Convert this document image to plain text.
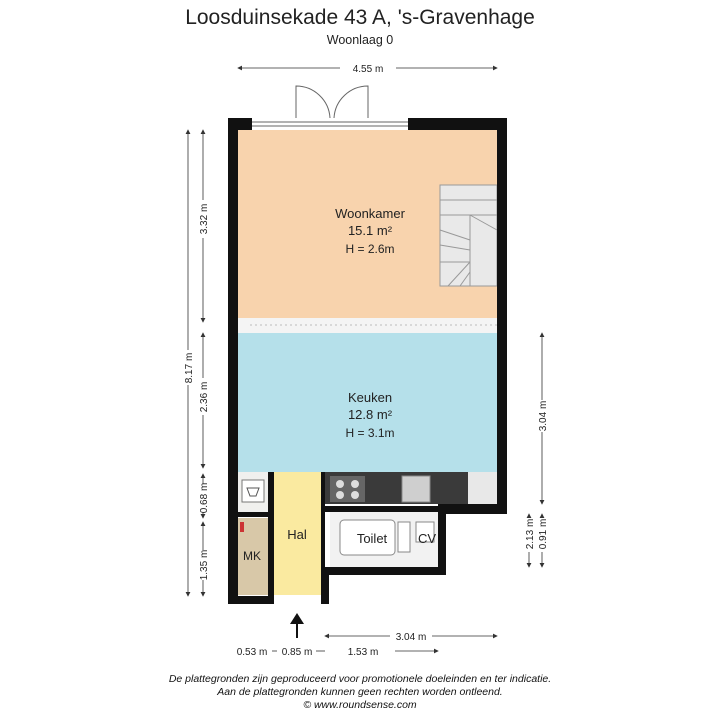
Loosduinsekade 43 A, 's-Gravenhage
Woonlaag 0
Woonkamer
15.1 m²
H = 2.6m
Keuken
12.8 m²
H = 3.1m
Hal	Toilet CV
MK
4.55 m
8.17 m
3.32 m
2.36 m
0.68 m
1.35 m
3.04 m
2.13 m 0.91 m
3.04 m
0.53 m 0.85 m	1.53 m
De plattegronden zijn geproduceerd voor promotionele doeleinden en ter indicatie.
Aan de plattegronden kunnen geen rechten worden ontleend.
© www.roundsense.com
